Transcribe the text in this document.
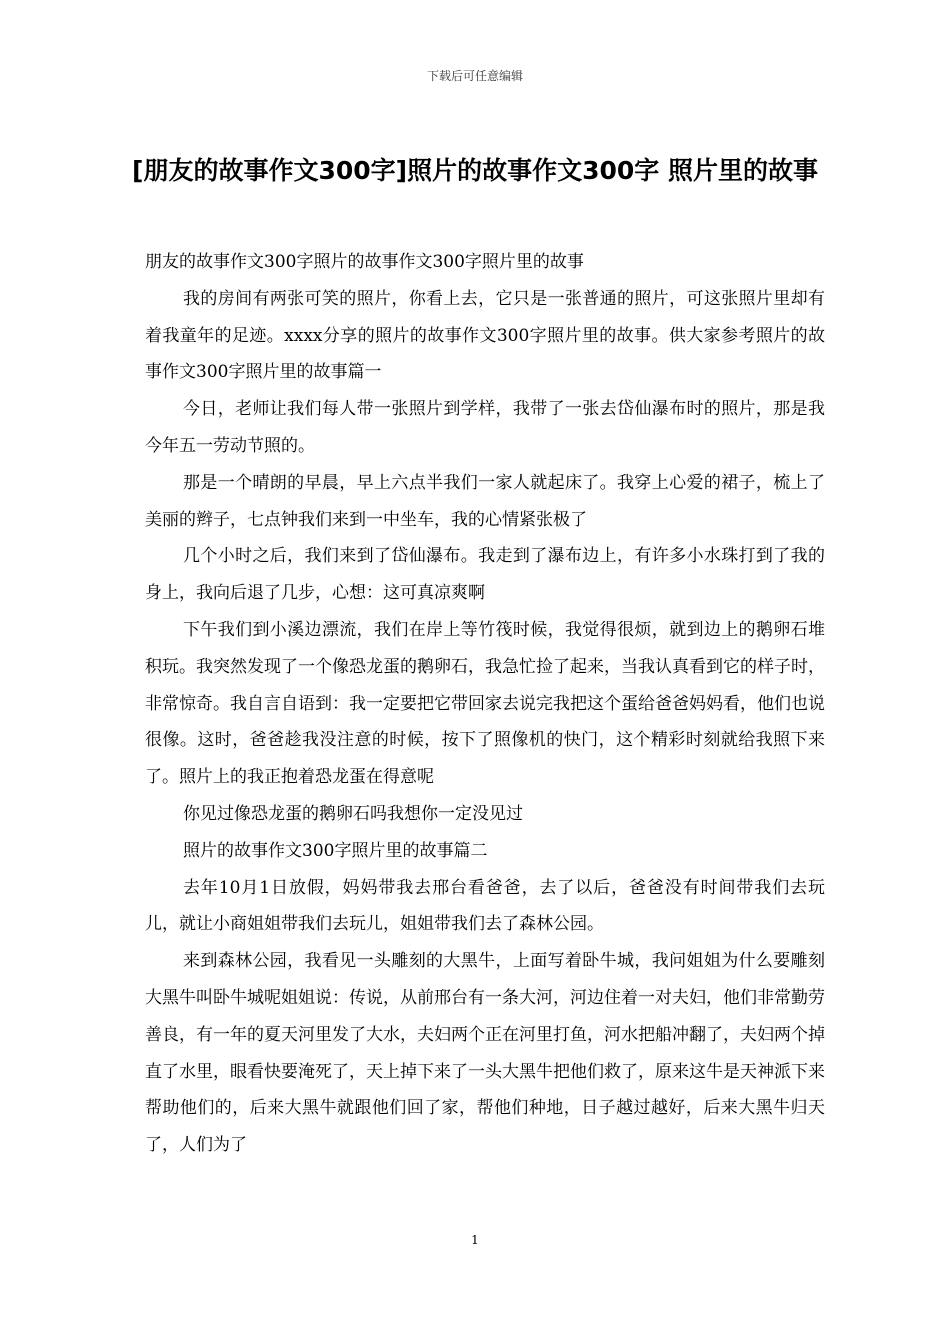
下载后可任意编辑
[朋友的故事作文300字]照片的故事作文300字 照片里的故事

朋友的故事作文300字照片的故事作文300字照片里的故事

我的房间有两张可笑的照片，你看上去，它只是一张普通的照片，可这张照片里却有着我童年的足迹。xxxx分享的照片的故事作文300字照片里的故事。供大家参考照片的故事作文300字照片里的故事篇一

今日，老师让我们每人带一张照片到学样，我带了一张去岱仙瀑布时的照片，那是我今年五一劳动节照的。

那是一个晴朗的早晨，早上六点半我们一家人就起床了。我穿上心爱的裙子，梳上了美丽的辫子，七点钟我们来到一中坐车，我的心情紧张极了

几个小时之后，我们来到了岱仙瀑布。我走到了瀑布边上，有许多小水珠打到了我的身上，我向后退了几步，心想：这可真凉爽啊

下午我们到小溪边漂流，我们在岸上等竹筏时候，我觉得很烦，就到边上的鹅卵石堆积玩。我突然发现了一个像恐龙蛋的鹅卵石，我急忙捡了起来，当我认真看到它的样子时，非常惊奇。我自言自语到：我一定要把它带回家去说完我把这个蛋给爸爸妈妈看，他们也说很像。这时，爸爸趁我没注意的时候，按下了照像机的快门，这个精彩时刻就给我照下来了。照片上的我正抱着恐龙蛋在得意呢

你见过像恐龙蛋的鹅卵石吗我想你一定没见过

照片的故事作文300字照片里的故事篇二

去年10月1日放假，妈妈带我去邢台看爸爸，去了以后，爸爸没有时间带我们去玩儿，就让小商姐姐带我们去玩儿，姐姐带我们去了森林公园。

来到森林公园，我看见一头雕刻的大黑牛，上面写着卧牛城，我问姐姐为什么要雕刻大黑牛叫卧牛城呢姐姐说：传说，从前邢台有一条大河，河边住着一对夫妇，他们非常勤劳善良，有一年的夏天河里发了大水，夫妇两个正在河里打鱼，河水把船冲翻了，夫妇两个掉直了水里，眼看快要淹死了，天上掉下来了一头大黑牛把他们救了，原来这牛是天神派下来帮助他们的，后来大黑牛就跟他们回了家，帮他们种地，日子越过越好，后来大黑牛归天了，人们为了

1
